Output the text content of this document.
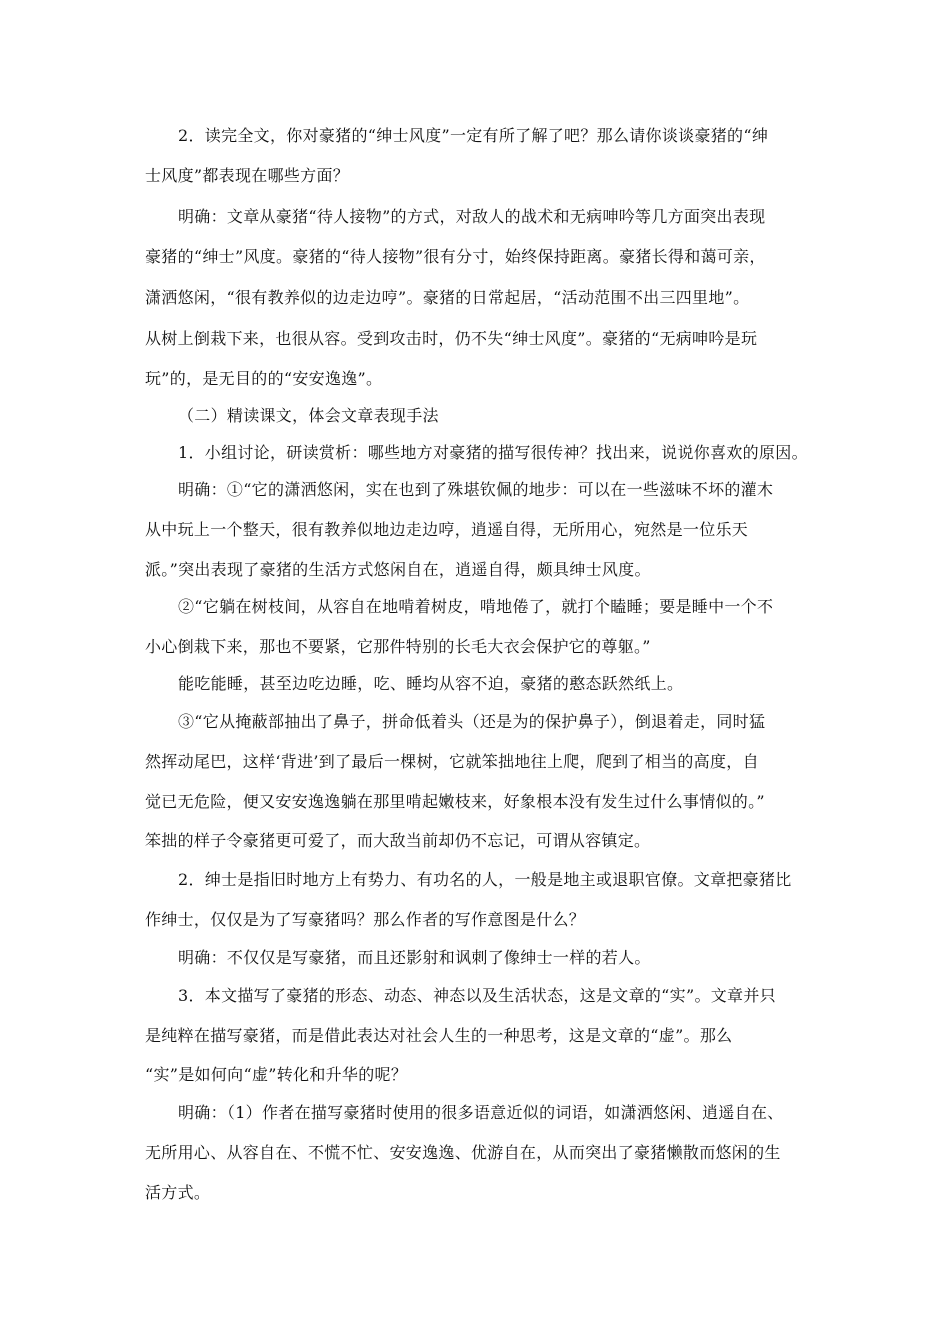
2．读完全文，你对豪猪的“绅士风度”一定有所了解了吧？那么请你谈谈豪猪的“绅
士风度”都表现在哪些方面？
明确：文章从豪猪“待人接物”的方式，对敌人的战术和无病呻吟等几方面突出表现
豪猪的“绅士”风度。豪猪的“待人接物”很有分寸，始终保持距离。豪猪长得和蔼可亲，
潇洒悠闲，“很有教养似的边走边哼”。豪猪的日常起居，“活动范围不出三四里地”。
从树上倒栽下来，也很从容。受到攻击时，仍不失“绅士风度”。豪猪的“无病呻吟是玩
玩”的，是无目的的“安安逸逸”。
（二）精读课文，体会文章表现手法
1．小组讨论，研读赏析：哪些地方对豪猪的描写很传神？找出来，说说你喜欢的原因。
明确：①“它的潇洒悠闲，实在也到了殊堪钦佩的地步：可以在一些滋味不坏的灌木
从中玩上一个整天，很有教养似地边走边哼，逍遥自得，无所用心，宛然是一位乐天
派。”突出表现了豪猪的生活方式悠闲自在，逍遥自得，颇具绅士风度。
②“它躺在树枝间，从容自在地啃着树皮，啃地倦了，就打个瞌睡；要是睡中一个不
小心倒栽下来，那也不要紧，它那件特别的长毛大衣会保护它的尊躯。”
能吃能睡，甚至边吃边睡，吃、睡均从容不迫，豪猪的憨态跃然纸上。
③“它从掩蔽部抽出了鼻子，拼命低着头（还是为的保护鼻子），倒退着走，同时猛
然挥动尾巴，这样‘背进’到了最后一棵树，它就笨拙地往上爬，爬到了相当的高度，自
觉已无危险，便又安安逸逸躺在那里啃起嫩枝来，好象根本没有发生过什么事情似的。”
笨拙的样子令豪猪更可爱了，而大敌当前却仍不忘记，可谓从容镇定。
2．绅士是指旧时地方上有势力、有功名的人，一般是地主或退职官僚。文章把豪猪比
作绅士，仅仅是为了写豪猪吗？那么作者的写作意图是什么？
明确：不仅仅是写豪猪，而且还影射和讽刺了像绅士一样的若人。
3．本文描写了豪猪的形态、动态、神态以及生活状态，这是文章的“实”。文章并只
是纯粹在描写豪猪，而是借此表达对社会人生的一种思考，这是文章的“虚”。那么
“实”是如何向“虚”转化和升华的呢？
明确：（1）作者在描写豪猪时使用的很多语意近似的词语，如潇洒悠闲、逍遥自在、
无所用心、从容自在、不慌不忙、安安逸逸、优游自在，从而突出了豪猪懒散而悠闲的生
活方式。
